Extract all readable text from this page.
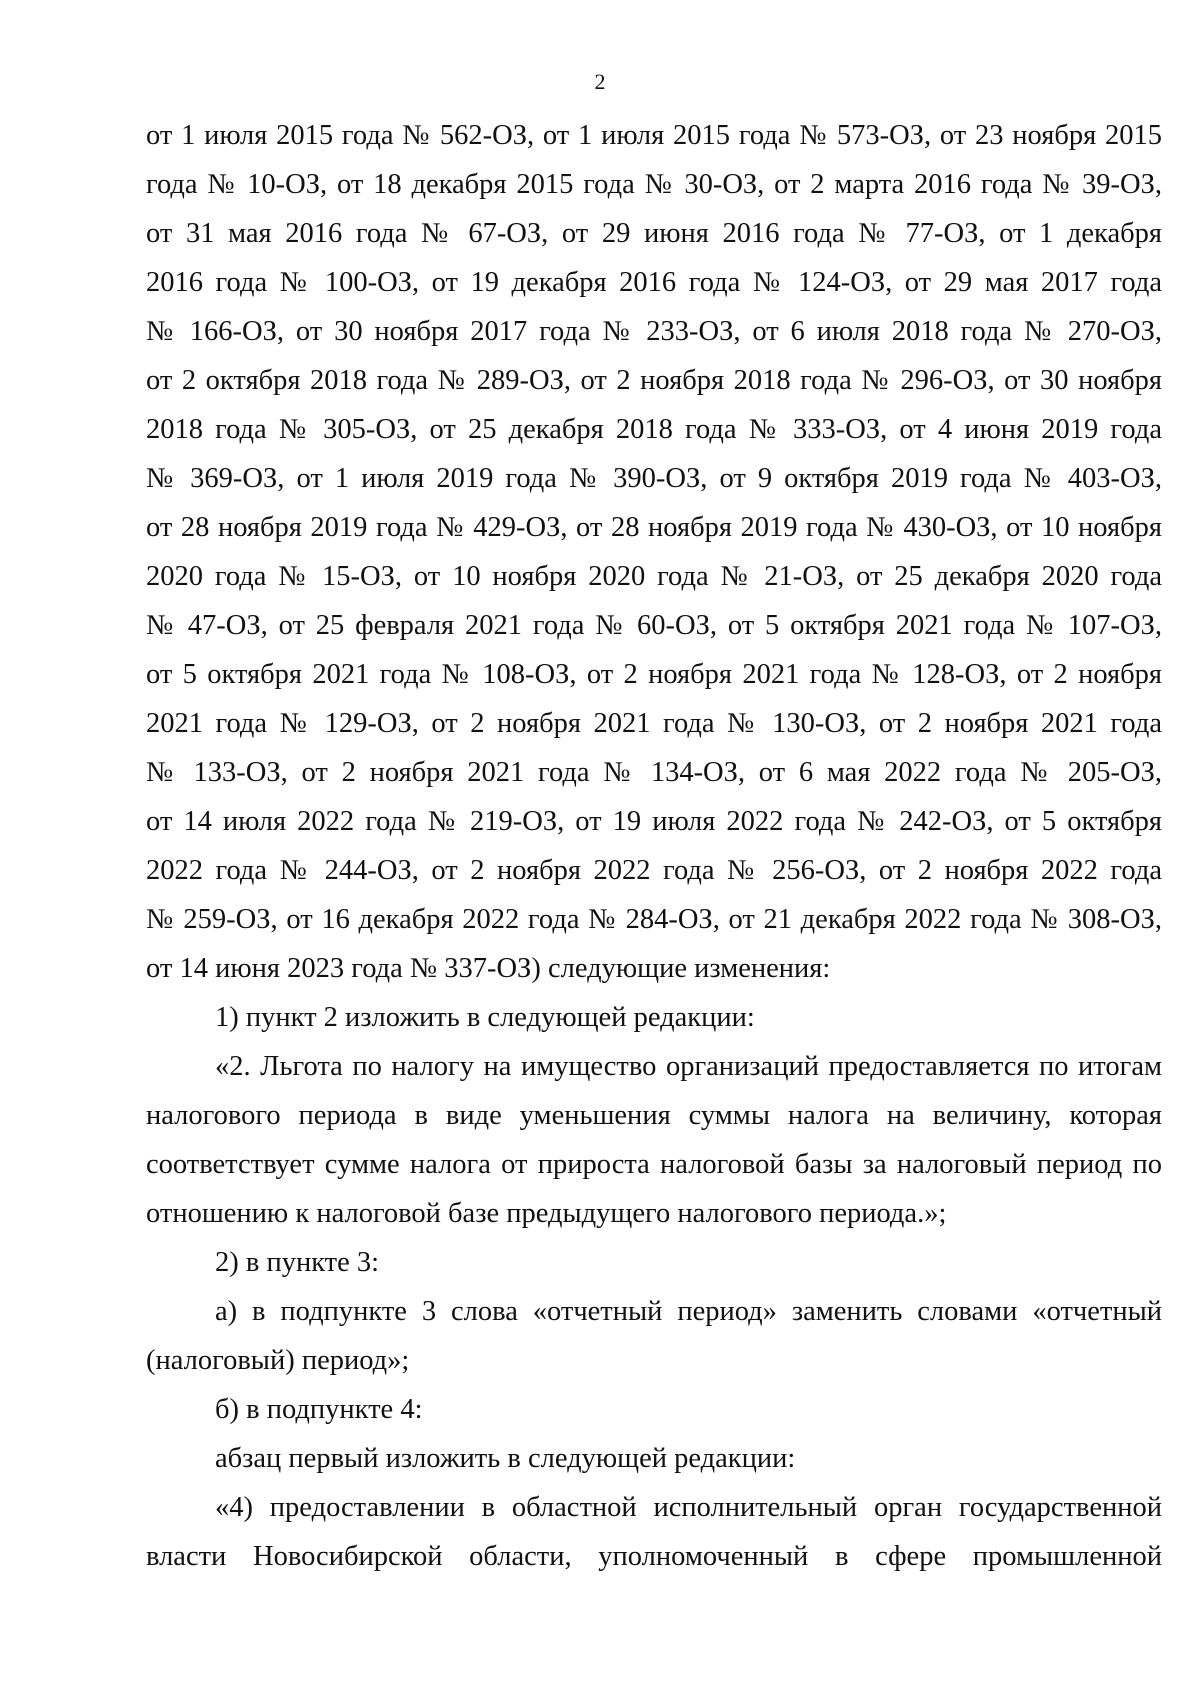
2

от 1 июля 2015 года № 562-ОЗ, от 1 июля 2015 года № 573-ОЗ, от 23 ноября 2015

года № 10-ОЗ, от 18 декабря 2015 года № 30-ОЗ, от 2 марта 2016 года № 39-ОЗ,

от 31 мая 2016 года № 67-ОЗ, от 29 июня 2016 года № 77-ОЗ, от 1 декабря

2016 года № 100-ОЗ, от 19 декабря 2016 года № 124-ОЗ, от 29 мая 2017 года

№ 166-ОЗ, от 30 ноября 2017 года № 233-ОЗ, от 6 июля 2018 года № 270-ОЗ,

от 2 октября 2018 года № 289-ОЗ, от 2 ноября 2018 года № 296-ОЗ, от 30 ноября

2018 года № 305-ОЗ, от 25 декабря 2018 года № 333-ОЗ, от 4 июня 2019 года

№ 369-ОЗ, от 1 июля 2019 года № 390-ОЗ, от 9 октября 2019 года № 403-ОЗ,

от 28 ноября 2019 года № 429-ОЗ, от 28 ноября 2019 года № 430-ОЗ, от 10 ноября

2020 года № 15-ОЗ, от 10 ноября 2020 года № 21-ОЗ, от 25 декабря 2020 года

№ 47-ОЗ, от 25 февраля 2021 года № 60-ОЗ, от 5 октября 2021 года № 107-ОЗ,

от 5 октября 2021 года № 108-ОЗ, от 2 ноября 2021 года № 128-ОЗ, от 2 ноября

2021 года № 129-ОЗ, от 2 ноября 2021 года № 130-ОЗ, от 2 ноября 2021 года

№ 133-ОЗ, от 2 ноября 2021 года № 134-ОЗ, от 6 мая 2022 года № 205-ОЗ,

от 14 июля 2022 года № 219-ОЗ, от 19 июля 2022 года № 242-ОЗ, от 5 октября

2022 года № 244-ОЗ, от 2 ноября 2022 года № 256-ОЗ, от 2 ноября 2022 года

№ 259-ОЗ, от 16 декабря 2022 года № 284-ОЗ, от 21 декабря 2022 года № 308-ОЗ,

от 14 июня 2023 года № 337-ОЗ) следующие изменения:

1) пункт 2 изложить в следующей редакции:

«2. Льгота по налогу на имущество организаций предоставляется по итогам

налогового периода в виде уменьшения суммы налога на величину, которая

соответствует сумме налога от прироста налоговой базы за налоговый период по

отношению к налоговой базе предыдущего налогового периода.»;

2) в пункте 3:

а) в подпункте 3 слова «отчетный период» заменить словами «отчетный

(налоговый) период»;

б) в подпункте 4:

абзац первый изложить в следующей редакции:

«4) предоставлении в областной исполнительный орган государственной

власти Новосибирской области, уполномоченный в сфере промышленной
